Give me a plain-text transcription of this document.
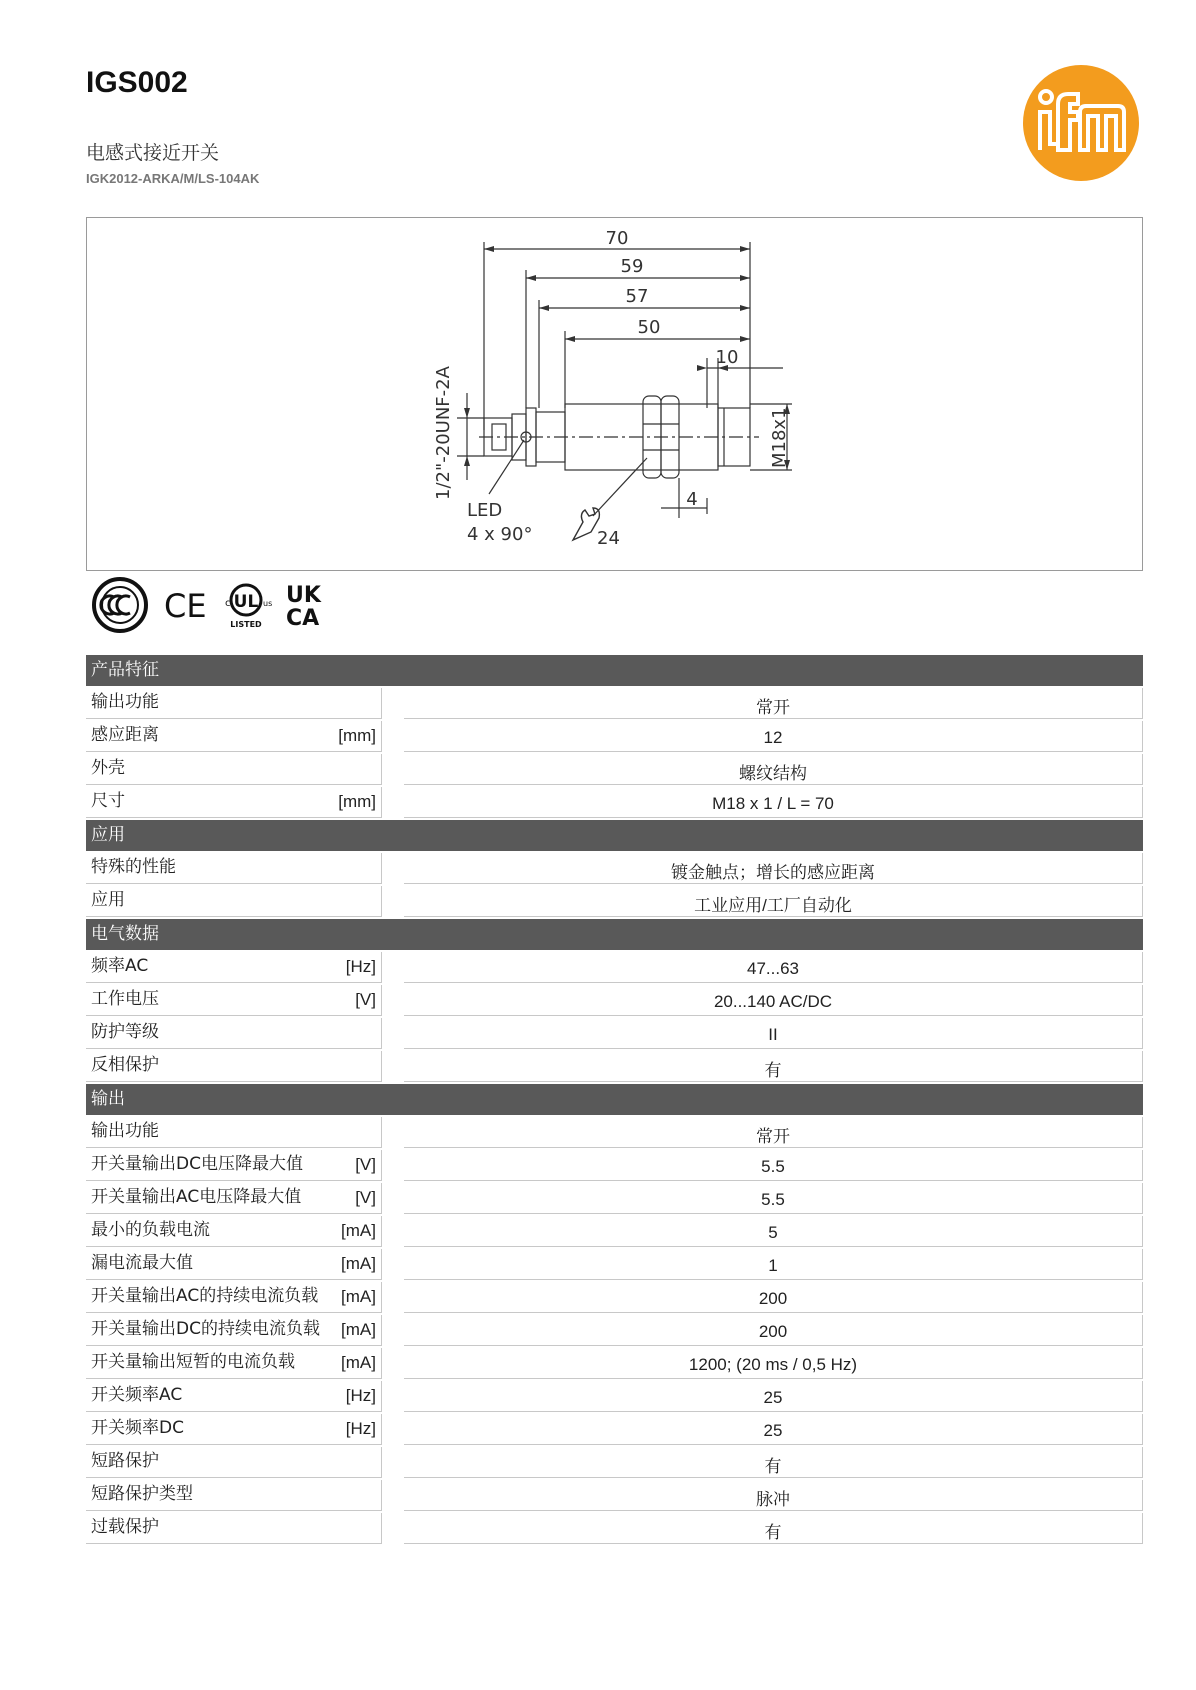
IGS002
电感式接近开关
IGK2012-ARKA/M/LS-104AK
70
59
57
50
10
4
24
LED
4 x 90°
1/2"-20UNF-2A	M18x1
CE UL
c	us
LISTED
UK
CA
产品特征
输出功能	常开
感应距离	[mm]	12
外壳	螺纹结构
尺寸	[mm]	M18 x 1 / L = 70
应用
特殊的性能	镀金触点；增长的感应距离
应用	工业应用/工厂自动化
电气数据
频率AC	[Hz]	47...63
工作电压	[V]	20...140 AC/DC
防护等级	II
反相保护	有
输出
输出功能	常开
开关量输出DC电压降最大值	[V]	5.5
开关量输出AC电压降最大值	[V]	5.5
最小的负载电流	[mA]	5
漏电流最大值	[mA]	1
开关量输出AC的持续电流负载	[mA]	200
开关量输出DC的持续电流负载	[mA]	200
开关量输出短暂的电流负载	[mA]	1200; (20 ms / 0,5 Hz)
开关频率AC	[Hz]	25
开关频率DC	[Hz]	25
短路保护	有
短路保护类型	脉冲
过载保护	有
